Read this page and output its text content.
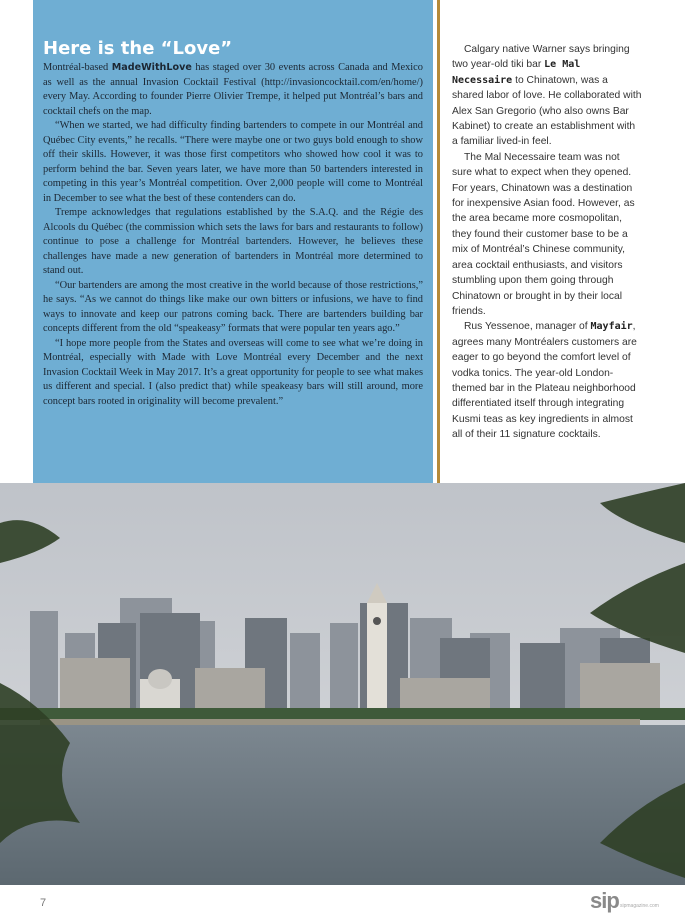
Here is the “Love”

Montréal-based MadeWithLove has staged over 30 events across Canada and Mexico as well as the annual Invasion Cocktail Festival (http://invasioncocktail.com/en/home/) every May. According to founder Pierre Olivier Trempe, it helped put Montréal’s bars and cocktail chefs on the map.

“When we started, we had difficulty finding bartenders to compete in our Montréal and Québec City events,” he recalls. “There were maybe one or two guys bold enough to show off their skills. However, it was those first competitors who showed how cool it was to perform behind the bar. Seven years later, we have more than 50 bartenders interested in competing in this year’s Montréal competition. Over 2,000 people will come to Montréal in December to see what the best of these contenders can do.

Trempe acknowledges that regulations established by the S.A.Q. and the Régie des Alcools du Québec (the commission which sets the laws for bars and restaurants to follow) continue to pose a challenge for Montréal bartenders. However, he believes these challenges have made a new generation of bartenders in Montréal more determined to stand out.

“Our bartenders are among the most creative in the world because of those restrictions,” he says. “As we cannot do things like make our own bitters or infusions, we have to find ways to innovate and keep our patrons coming back. There are bartenders building bar concepts different from the old “speakeasy” formats that were popular ten years ago.”

“I hope more people from the States and overseas will come to see what we’re doing in Montréal, especially with Made with Love Montréal every December and the next Invasion Cocktail Week in May 2017. It’s a great opportunity for people to see what makes us different and special. I (also predict that) while speakeasy bars will still around, more concept bars rooted in originality will become prevalent.”

Calgary native Warner says bringing two year-old tiki bar Le Mal Necessaire to Chinatown, was a shared labor of love. He collaborated with Alex San Gregorio (who also owns Bar Kabinet) to create an establishment with a familiar lived-in feel.

The Mal Necessaire team was not sure what to expect when they opened. For years, Chinatown was a destination for inexpensive Asian food. However, as the area became more cosmopolitan, they found their customer base to be a mix of Montréal’s Chinese community, area cocktail enthusiasts, and visitors stumbling upon them going through Chinatown or brought in by their local friends.

Rus Yessenoe, manager of Mayfair, agrees many Montréalers customers are eager to go beyond the comfort level of vodka tonics. The year-old London-themed bar in the Plateau neighborhood differentiated itself through integrating Kusmi teas as key ingredients in almost all of their 11 signature cocktails.

7	sip sipmagazine.com
